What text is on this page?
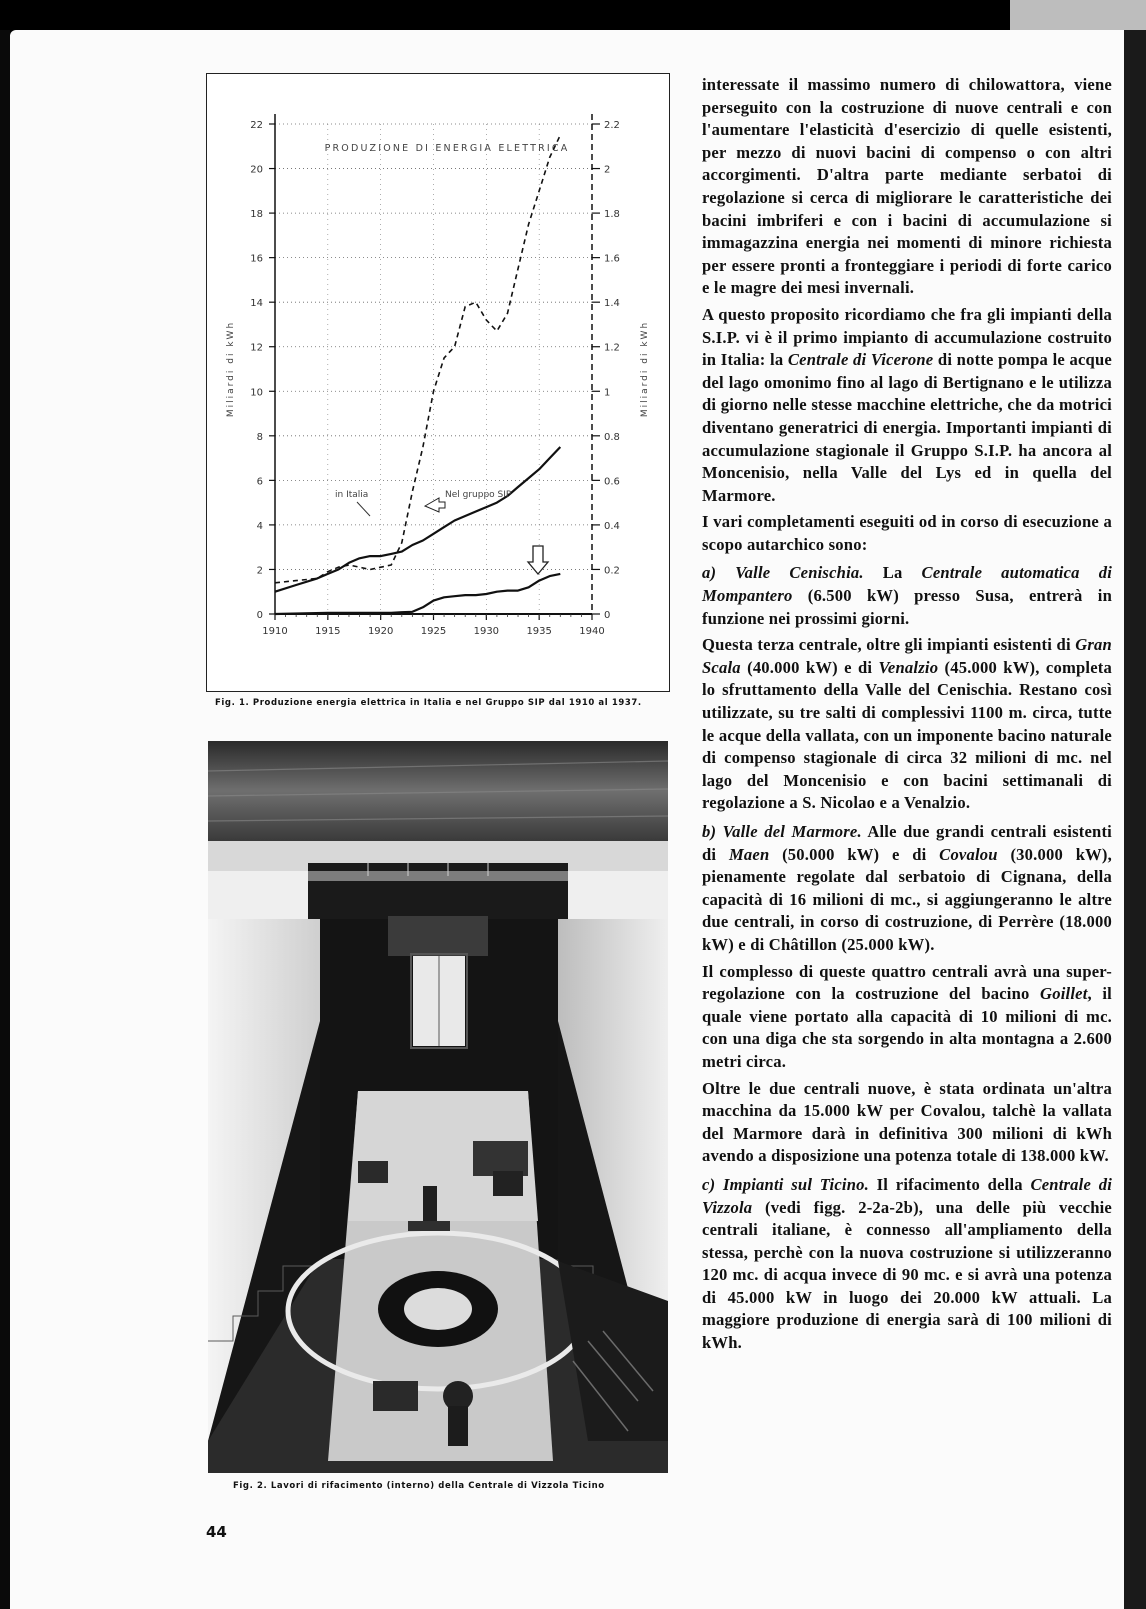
0
2
4
6
8
10
12
14
16
18
20
22
0
0.2
0.4
0.6
0.8
1
1.2
1.4
1.6
1.8
2
2.2
1910	1915	1920	1925	1930	1935	1940
Miliardi di kWh	Miliardi di kWh
PRODUZIONE DI ENERGIA ELETTRICA
in Italia	Nel gruppo SIP
Fig. 1. Produzione energia elettrica in Italia e nel Gruppo SIP dal 1910 al 1937.
Fig. 2. Lavori di rifacimento (interno) della Centrale di Vizzola Ticino
44

interessate il massimo numero di chilowattora, viene perseguito con la costruzione di nuove centrali e con l'aumentare l'elasticità d'esercizio di quelle esistenti, per mezzo di nuovi bacini di compenso o con altri accorgimenti. D'altra parte mediante serbatoi di regolazione si cerca di migliorare le caratteristiche dei bacini imbriferi e con i bacini di accumulazione si immagazzina energia nei momenti di minore richiesta per essere pronti a fronteggiare i periodi di forte carico e le magre dei mesi invernali.

A questo proposito ricordiamo che fra gli impianti della S.I.P. vi è il primo impianto di accumulazione costruito in Italia: la Centrale di Vicerone di notte pompa le acque del lago omonimo fino al lago di Bertignano e le utilizza di giorno nelle stesse macchine elettriche, che da motrici diventano generatrici di energia. Importanti impianti di accumulazione stagionale il Gruppo S.I.P. ha ancora al Moncenisio, nella Valle del Lys ed in quella del Marmore.

I vari completamenti eseguiti od in corso di esecuzione a scopo autarchico sono:

a) Valle Cenischia. La Centrale automatica di Mompantero (6.500 kW) presso Susa, entrerà in funzione nei prossimi giorni.

Questa terza centrale, oltre gli impianti esistenti di Gran Scala (40.000 kW) e di Venalzio (45.000 kW), completa lo sfruttamento della Valle del Cenischia. Restano così utilizzate, su tre salti di complessivi 1100 m. circa, tutte le acque della vallata, con un imponente bacino naturale di compenso stagionale di circa 32 milioni di mc. nel lago del Moncenisio e con bacini settimanali di regolazione a S. Nicolao e a Venalzio.

b) Valle del Marmore. Alle due grandi centrali esistenti di Maen (50.000 kW) e di Covalou (30.000 kW), pienamente regolate dal serbatoio di Cignana, della capacità di 16 milioni di mc., si aggiungeranno le altre due centrali, in corso di costruzione, di Perrère (18.000 kW) e di Châtillon (25.000 kW).

Il complesso di queste quattro centrali avrà una super-regolazione con la costruzione del bacino Goillet, il quale viene portato alla capacità di 10 milioni di mc. con una diga che sta sorgendo in alta montagna a 2.600 metri circa.

Oltre le due centrali nuove, è stata ordinata un'altra macchina da 15.000 kW per Covalou, talchè la vallata del Marmore darà in definitiva 300 milioni di kWh avendo a disposizione una potenza totale di 138.000 kW.

c) Impianti sul Ticino. Il rifacimento della Centrale di Vizzola (vedi figg. 2-2a-2b), una delle più vecchie centrali italiane, è connesso all'ampliamento della stessa, perchè con la nuova costruzione si utilizzeranno 120 mc. di acqua invece di 90 mc. e si avrà una potenza di 45.000 kW in luogo dei 20.000 kW attuali. La maggiore produzione di energia sarà di 100 milioni di kWh.
